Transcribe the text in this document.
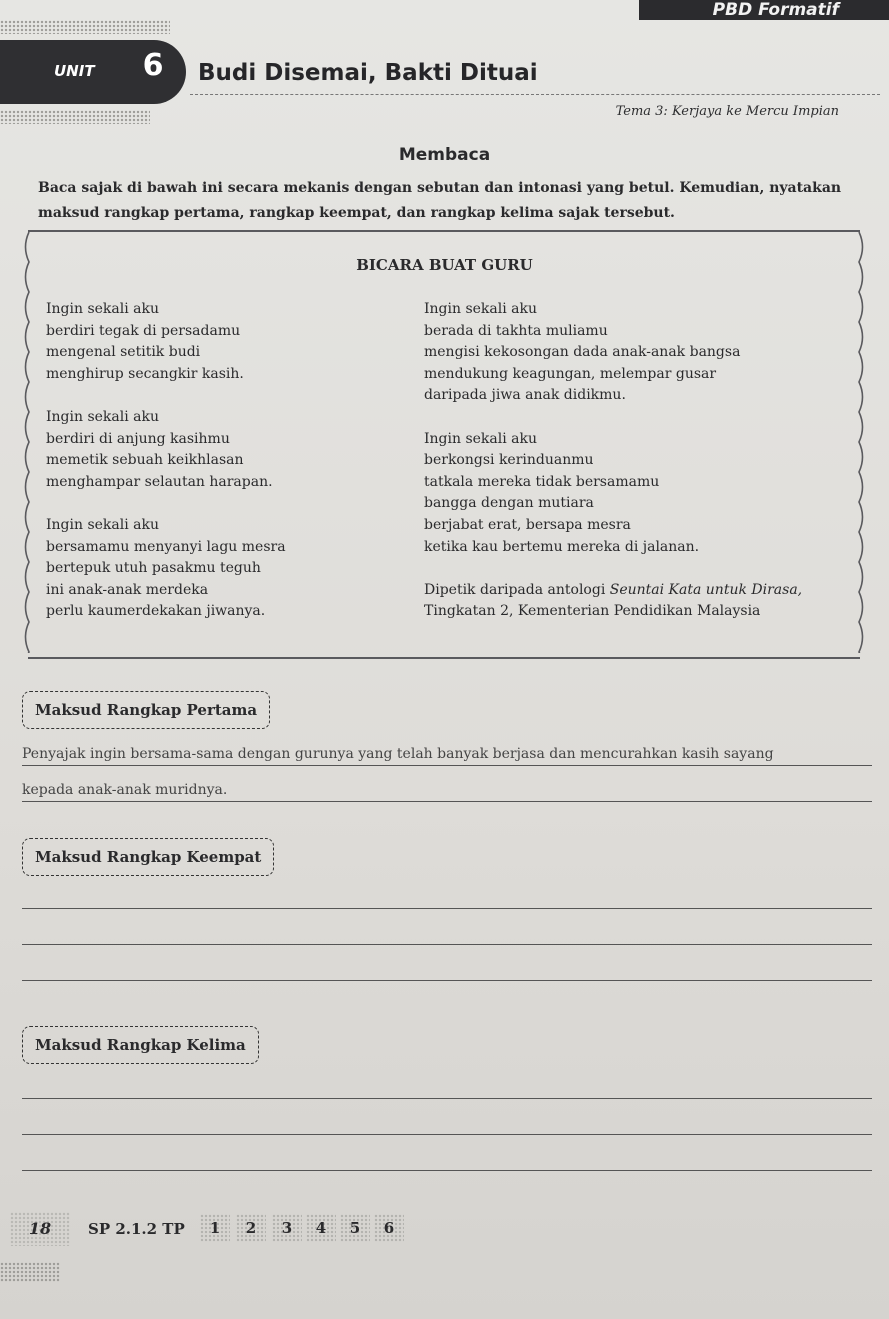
PBD Formatif
UNIT 6 Budi Disemai, Bakti Dituai
Tema 3: Kerjaya ke Mercu Impian
Membaca
Baca sajak di bawah ini secara mekanis dengan sebutan dan intonasi yang betul. Kemudian, nyatakan maksud rangkap pertama, rangkap keempat, dan rangkap kelima sajak tersebut.
BICARA BUAT GURU

Ingin sekali aku

berdiri tegak di persadamu

mengenal setitik budi

menghirup secangkir kasih.

Ingin sekali aku

berdiri di anjung kasihmu

memetik sebuah keikhlasan

menghampar selautan harapan.

Ingin sekali aku

bersamamu menyanyi lagu mesra

bertepuk utuh pasakmu teguh

ini anak-anak merdeka

perlu kaumerdekakan jiwanya.

Ingin sekali aku

berada di takhta muliamu

mengisi kekosongan dada anak-anak bangsa

mendukung keagungan, melempar gusar

daripada jiwa anak didikmu.

Ingin sekali aku

berkongsi kerinduanmu

tatkala mereka tidak bersamamu

bangga dengan mutiara

berjabat erat, bersapa mesra

ketika kau bertemu mereka di jalanan.

Dipetik daripada antologi Seuntai Kata untuk Dirasa,

Tingkatan 2, Kementerian Pendidikan Malaysia

Maksud Rangkap Pertama
Penyajak ingin bersama-sama dengan gurunya yang telah banyak berjasa dan mencurahkan kasih sayang
kepada anak-anak muridnya.
Maksud Rangkap Keempat
Maksud Rangkap Kelima
18	SP 2.1.2 TP	1	2	3	4	5	6
